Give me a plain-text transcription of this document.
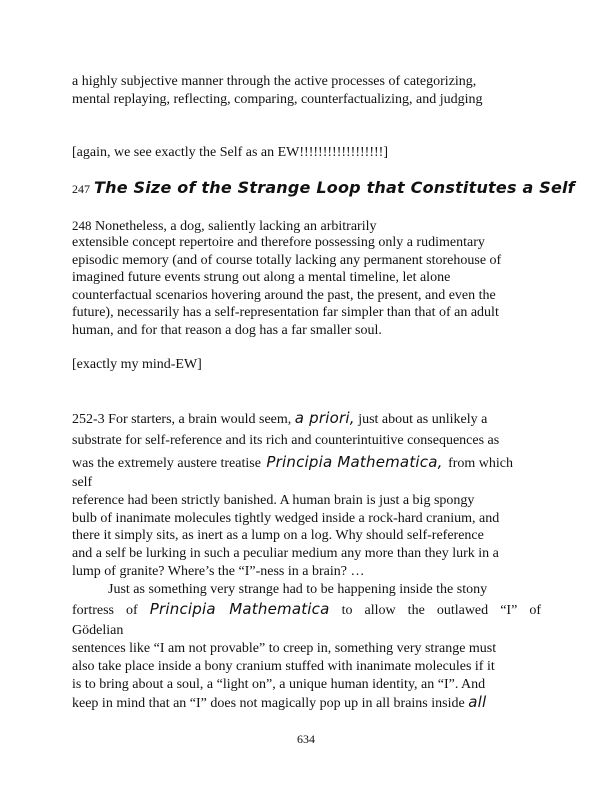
a highly subjective manner through the active processes of categorizing,
mental replaying, reflecting, comparing, counterfactualizing, and judging
[again, we see exactly the Self as an EW!!!!!!!!!!!!!!!!!!]
247 The Size of the Strange Loop that Constitutes a Self
248 Nonetheless, a dog, saliently lacking an arbitrarily
extensible concept repertoire and therefore possessing only a rudimentary
episodic memory (and of course totally lacking any permanent storehouse of
imagined future events strung out along a mental timeline, let alone
counterfactual scenarios hovering around the past, the present, and even the
future), necessarily has a self-representation far simpler than that of an adult
human, and for that reason a dog has a far smaller soul.
[exactly my mind-EW]
252-3 For starters, a brain would seem, a priori, just about as unlikely a
substrate for self-reference and its rich and counterintuitive consequences as
was the extremely austere treatise Principia Mathematica, from which
self
reference had been strictly banished. A human brain is just a big spongy
bulb of inanimate molecules tightly wedged inside a rock-hard cranium, and
there it simply sits, as inert as a lump on a log. Why should self-reference
and a self be lurking in such a peculiar medium any more than they lurk in a
lump of granite? Where’s the “I”-ness in a brain? …
Just as something very strange had to be happening inside the stony
fortress of Principia Mathematica to allow the outlawed “I” of
Gödelian
sentences like “I am not provable” to creep in, something very strange must
also take place inside a bony cranium stuffed with inanimate molecules if it
is to bring about a soul, a “light on”, a unique human identity, an “I”. And
keep in mind that an “I” does not magically pop up in all brains inside all
634
